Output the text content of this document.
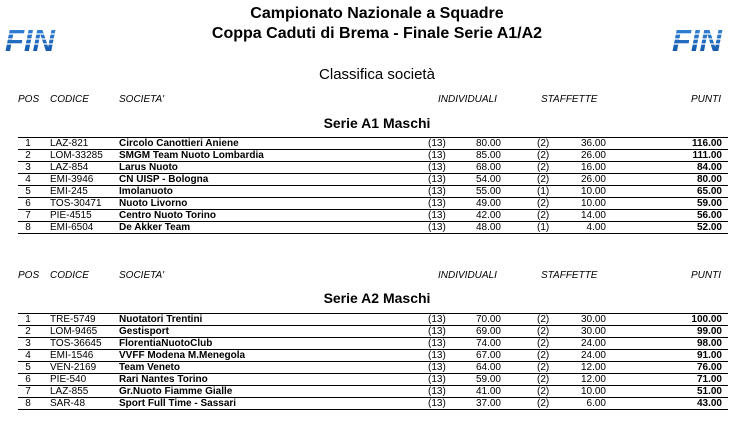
FIN	FIN
Campionato Nazionale a Squadre
Coppa Caduti di Brema - Finale Serie A1/A2
Classifica società
POS CODICE	SOCIETA'	INDIVIDUALI	STAFFETTE	PUNTI
Serie A1 Maschi
1	LAZ-821	Circolo Canottieri Aniene	(13)	80.00	(2)	36.00	116.00
2	LOM-33285 SMGM Team Nuoto Lombardia	(13)	85.00	(2)	26.00	111.00
3	LAZ-854	Larus Nuoto	(13)	68.00	(2)	16.00	84.00
4	EMI-3946	CN UISP - Bologna	(13)	54.00	(2)	26.00	80.00
5	EMI-245	Imolanuoto	(13)	55.00	(1)	10.00	65.00
6	TOS-30471 Nuoto Livorno	(13)	49.00	(2)	10.00	59.00
7	PIE-4515	Centro Nuoto Torino	(13)	42.00	(2)	14.00	56.00
8	EMI-6504	De Akker Team	(13)	48.00	(1)	4.00	52.00
POS CODICE	SOCIETA'	INDIVIDUALI	STAFFETTE	PUNTI
Serie A2 Maschi
1	TRE-5749 Nuotatori Trentini	(13)	70.00	(2)	30.00	100.00
2	LOM-9465 Gestisport	(13)	69.00	(2)	30.00	99.00
3	TOS-36645 FlorentiaNuotoClub	(13)	74.00	(2)	24.00	98.00
4	EMI-1546	VVFF Modena M.Menegola	(13)	67.00	(2)	24.00	91.00
5	VEN-2169 Team Veneto	(13)	64.00	(2)	12.00	76.00
6	PIE-540	Rari Nantes Torino	(13)	59.00	(2)	12.00	71.00
7	LAZ-855	Gr.Nuoto Fiamme Gialle	(13)	41.00	(2)	10.00	51.00
8	SAR-48	Sport Full Time - Sassari	(13)	37.00	(2)	6.00	43.00
